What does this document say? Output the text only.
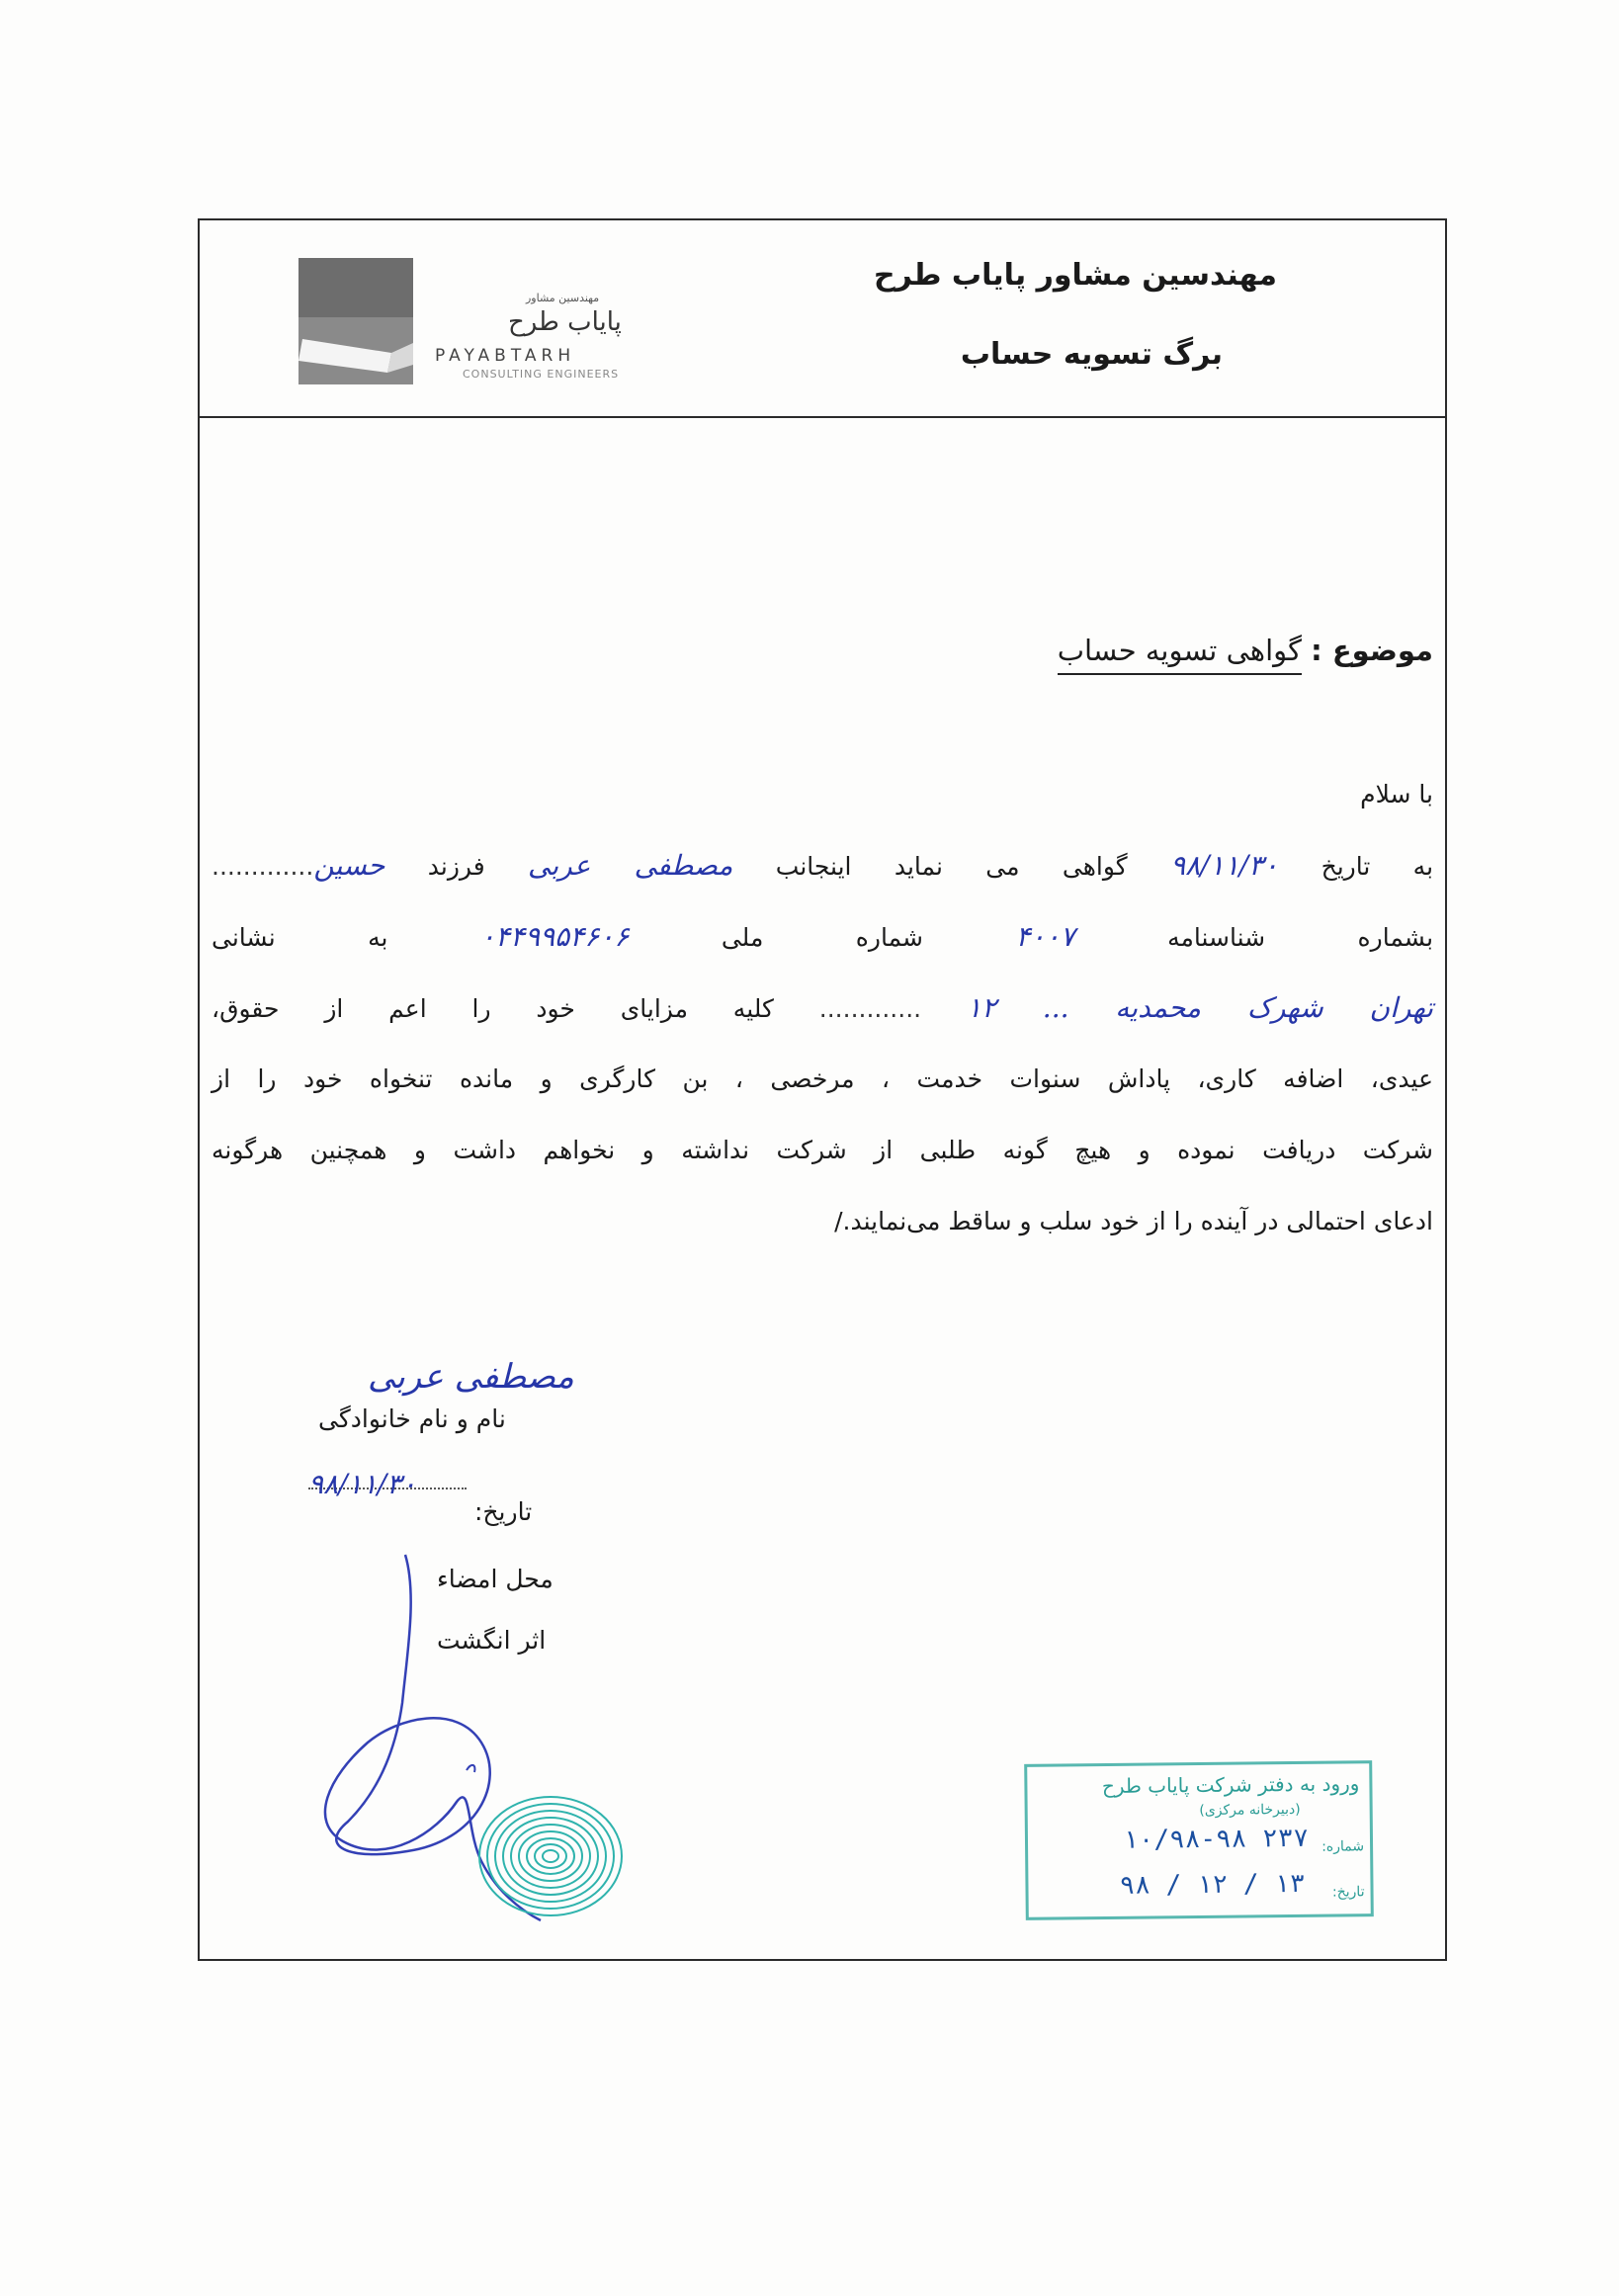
مهندسین مشاور پایاب طرح
برگ تسویه حساب
مهندسین مشاور
پایاب طرح
PAYABTARH
CONSULTING ENGINEERS
موضوع : گواهی تسویه حساب
با سلام
به تاریخ ۹۸/۱۱/۳۰ گواهی می نماید اینجانب مصطفی عربی فرزند حسین.............
بشماره شناسنامه ۴۰۰۷ شماره ملی ۰۴۴۹۹۵۴۶۰۶ به نشانی
تهران شهرک محمدیه ... ۱۲ ............. کلیه مزایای خود را اعم از حقوق،
عیدی، اضافه کاری، پاداش سنوات خدمت ، مرخصی ، بن کارگری و مانده تنخواه خود را از
شرکت دریافت نموده و هیچ گونه طلبی از شرکت نداشته و نخواهم داشت و همچنین هرگونه
ادعای احتمالی در آینده را از خود سلب و ساقط می‌نمایند./
مصطفی عربی
نام و نام خانوادگی
تاریخ:
۹۸/۱۱/۳۰
محل امضاء
اثر انگشت
ورود به دفتر شرکت پایاب طرح
(دبیرخانه مرکزی)
شماره:
۱۰/۹۸-۹۸ ۲۳۷
تاریخ:
۹۸ / ۱۲ / ۱۳
